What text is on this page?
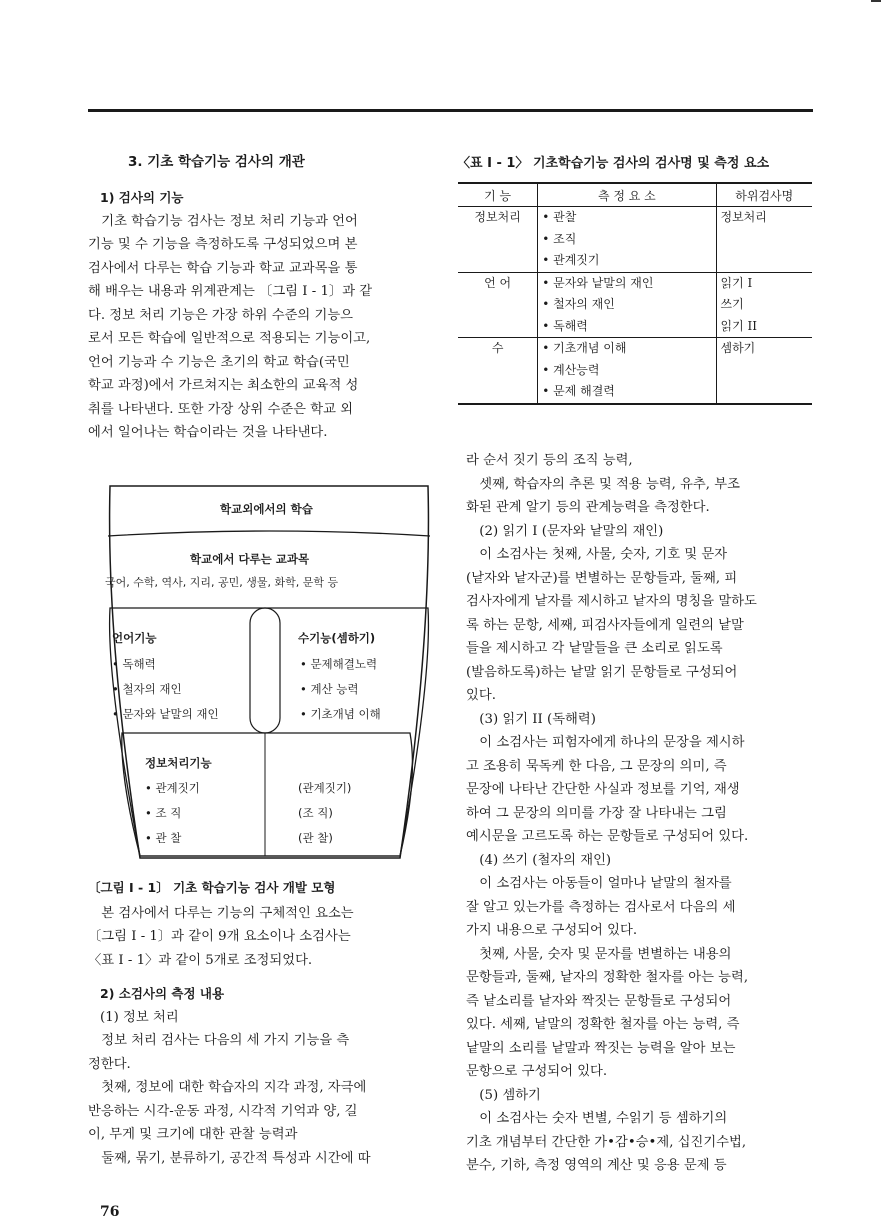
3. 기초 학습기능 검사의 개관

1) 검사의 기능

기초 학습기능 검사는 정보 처리 기능과 언어

기능 및 수 기능을 측정하도록 구성되었으며 본

검사에서 다루는 학습 기능과 학교 교과목을 통

해 배우는 내용과 위계관계는 〔그림 I - 1〕과 같

다. 정보 처리 기능은 가장 하위 수준의 기능으

로서 모든 학습에 일반적으로 적용되는 기능이고,

언어 기능과 수 기능은 초기의 학교 학습(국민

학교 과정)에서 가르쳐지는 최소한의 교육적 성

취를 나타낸다. 또한 가장 상위 수준은 학교 외

에서 일어나는 학습이라는 것을 나타낸다.

학교외에서의 학습
학교에서 다루는 교과목
국어, 수학, 역사, 지리, 공민, 생물, 화학, 문학 등
언어기능
• 독해력
• 철자의 재인
• 문자와 낱말의 재인
수기능(셈하기)
• 문제해결노력
• 계산 능력
• 기초개념 이해
정보처리기능
• 관계짓기
• 조 직
• 관 찰
(관계짓기)
(조 직)
(관 찰)

〔그림 I - 1〕 기초 학습기능 검사 개발 모형

본 검사에서 다루는 기능의 구체적인 요소는

〔그림 I - 1〕과 같이 9개 요소이나 소검사는

〈표 I - 1〉과 같이 5개로 조정되었다.

2) 소검사의 측정 내용

(1) 정보 처리

정보 처리 검사는 다음의 세 가지 기능을 측

정한다.

첫째, 정보에 대한 학습자의 지각 과정, 자극에

반응하는 시각-운동 과정, 시각적 기억과 양, 길

이, 무게 및 크기에 대한 관찰 능력과

둘째, 묶기, 분류하기, 공간적 특성과 시간에 따

〈표 I - 1〉 기초학습기능 검사의 검사명 및 측정 요소
기 능	측 정 요 소	하위검사명
정보처리	• 관찰
• 조직
• 관계짓기	정보처리

언 어	• 문자와 낱말의 재인
• 철자의 재인
• 독해력	읽기 I
쓰기
읽기 II

수	• 기초개념 이해
• 계산능력
• 문제 해결력	셈하기

라 순서 짓기 등의 조직 능력,

셋째, 학습자의 추론 및 적용 능력, 유추, 부조

화된 관계 알기 등의 관계능력을 측정한다.

(2) 읽기 I (문자와 낱말의 재인)

이 소검사는 첫째, 사물, 숫자, 기호 및 문자

(낱자와 낱자군)를 변별하는 문항들과, 둘째, 피

검사자에게 낱자를 제시하고 낱자의 명칭을 말하도

록 하는 문항, 세째, 피검사자들에게 일련의 낱말

들을 제시하고 각 낱말들을 큰 소리로 읽도록

(발음하도록)하는 낱말 읽기 문항들로 구성되어

있다.

(3) 읽기 II (독해력)

이 소검사는 피험자에게 하나의 문장을 제시하

고 조용히 묵독케 한 다음, 그 문장의 의미, 즉

문장에 나타난 간단한 사실과 정보를 기억, 재생

하여 그 문장의 의미를 가장 잘 나타내는 그림

예시문을 고르도록 하는 문항들로 구성되어 있다.

(4) 쓰기 (철자의 재인)

이 소검사는 아동들이 얼마나 낱말의 철자를

잘 알고 있는가를 측정하는 검사로서 다음의 세

가지 내용으로 구성되어 있다.

첫째, 사물, 숫자 및 문자를 변별하는 내용의

문항들과, 둘째, 낱자의 정확한 철자를 아는 능력,

즉 낱소리를 낱자와 짝짓는 문항들로 구성되어

있다. 세째, 낱말의 정확한 철자를 아는 능력, 즉

낱말의 소리를 낱말과 짝짓는 능력을 알아 보는

문항으로 구성되어 있다.

(5) 셈하기

이 소검사는 숫자 변별, 수읽기 등 셈하기의

기초 개념부터 간단한 가•감•승•제, 십진기수법,

분수, 기하, 측정 영역의 계산 및 응용 문제 등

76
